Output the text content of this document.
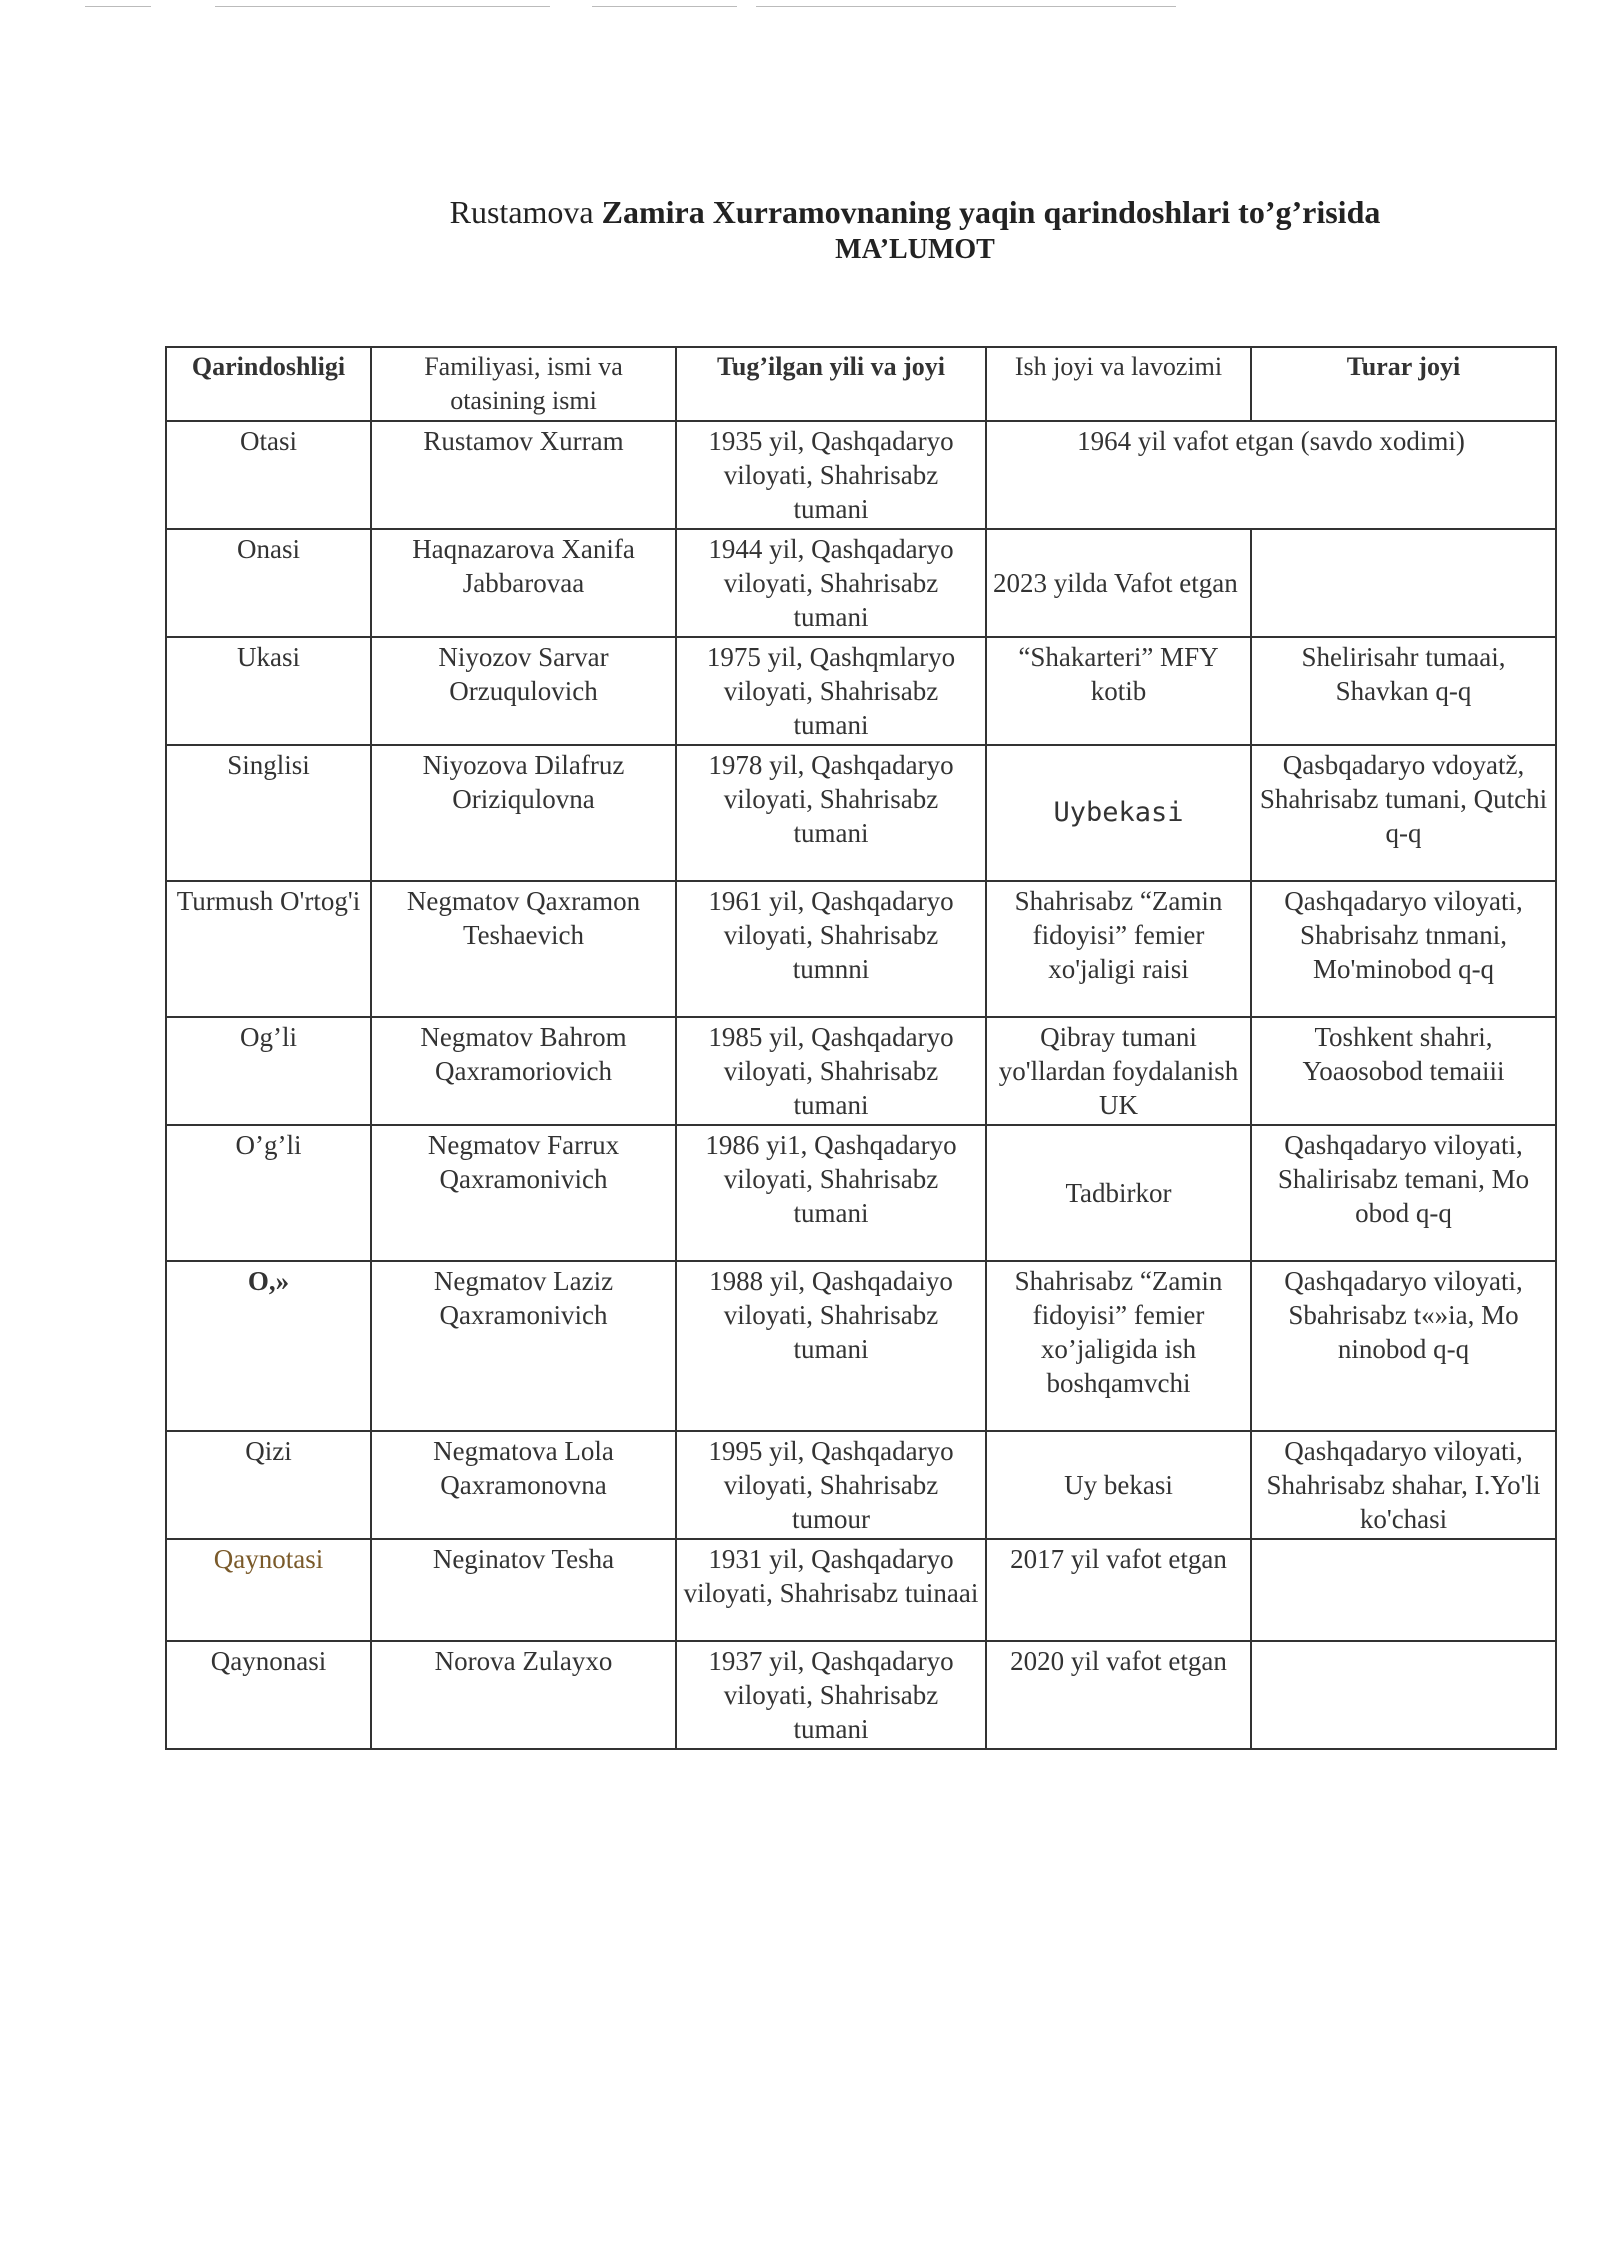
Rustamova Zamira Xurramovnaning yaqin qarindoshlari to’g’risida
MA’LUMOT
Qarindoshligi	Familiyasi, ismi va otasining ismi	Tug’ilgan yili va joyi	Ish joyi va lavozimi	Turar joyi
Otasi	Rustamov Xurram	1935 yil, Qashqadaryo viloyati, Shahrisabz tumani	1964 yil vafot etgan (savdo xodimi)	
Onasi	Haqnazarova Xanifa Jabbarovaa	1944 yil, Qashqadaryo viloyati, Shahrisabz tumani	2023 yilda Vafot etgan	
Ukasi	Niyozov Sarvar Orzuqulovich	1975 yil, Qashqmlaryo viloyati, Shahrisabz tumani	“Shakarteri” MFY kotib	Shelirisahr tumaai, Shavkan q-q
Singlisi	Niyozova Dilafruz Oriziqulovna	1978 yil, Qashqadaryo viloyati, Shahrisabz tumani	Uybekasi	Qasbqadaryo vdoyatž, Shahrisabz tumani, Qutchi q-q
Turmush O'rtog'i	Negmatov Qaxramon Teshaevich	1961 yil, Qashqadaryo viloyati, Shahrisabz tumnni	Shahrisabz “Zamin fidoyisi” femier xo'jaligi raisi	Qashqadaryo viloyati, Shabrisahz tnmani, Mo'minobod q-q
Og’li	Negmatov Bahrom Qaxramoriovich	1985 yil, Qashqadaryo viloyati, Shahrisabz tumani	Qibray tumani yo'llardan foydalanish UK	Toshkent shahri, Yoaosobod temaiii
O’g’li	Negmatov Farrux Qaxramonivich	1986 yi1, Qashqadaryo viloyati, Shahrisabz tumani	Tadbirkor	Qashqadaryo viloyati, Shalirisabz temani, Mo obod q-q
O,»	Negmatov Laziz Qaxramonivich	1988 yil, Qashqadaiyo viloyati, Shahrisabz tumani	Shahrisabz “Zamin fidoyisi” femier xo’jaligida ish boshqamvchi	Qashqadaryo viloyati, Sbahrisabz t«»ia, Mo ninobod q-q
Qizi	Negmatova Lola Qaxramonovna	1995 yil, Qashqadaryo viloyati, Shahrisabz tumour	Uy bekasi	Qashqadaryo viloyati, Shahrisabz shahar, I.Yo'li ko'chasi
Qaynotasi	Neginatov Tesha	1931 yil, Qashqadaryo viloyati, Shahrisabz tuinaai	2017 yil vafot etgan	
Qaynonasi	Norova Zulayxo	1937 yil, Qashqadaryo viloyati, Shahrisabz tumani	2020 yil vafot etgan	
